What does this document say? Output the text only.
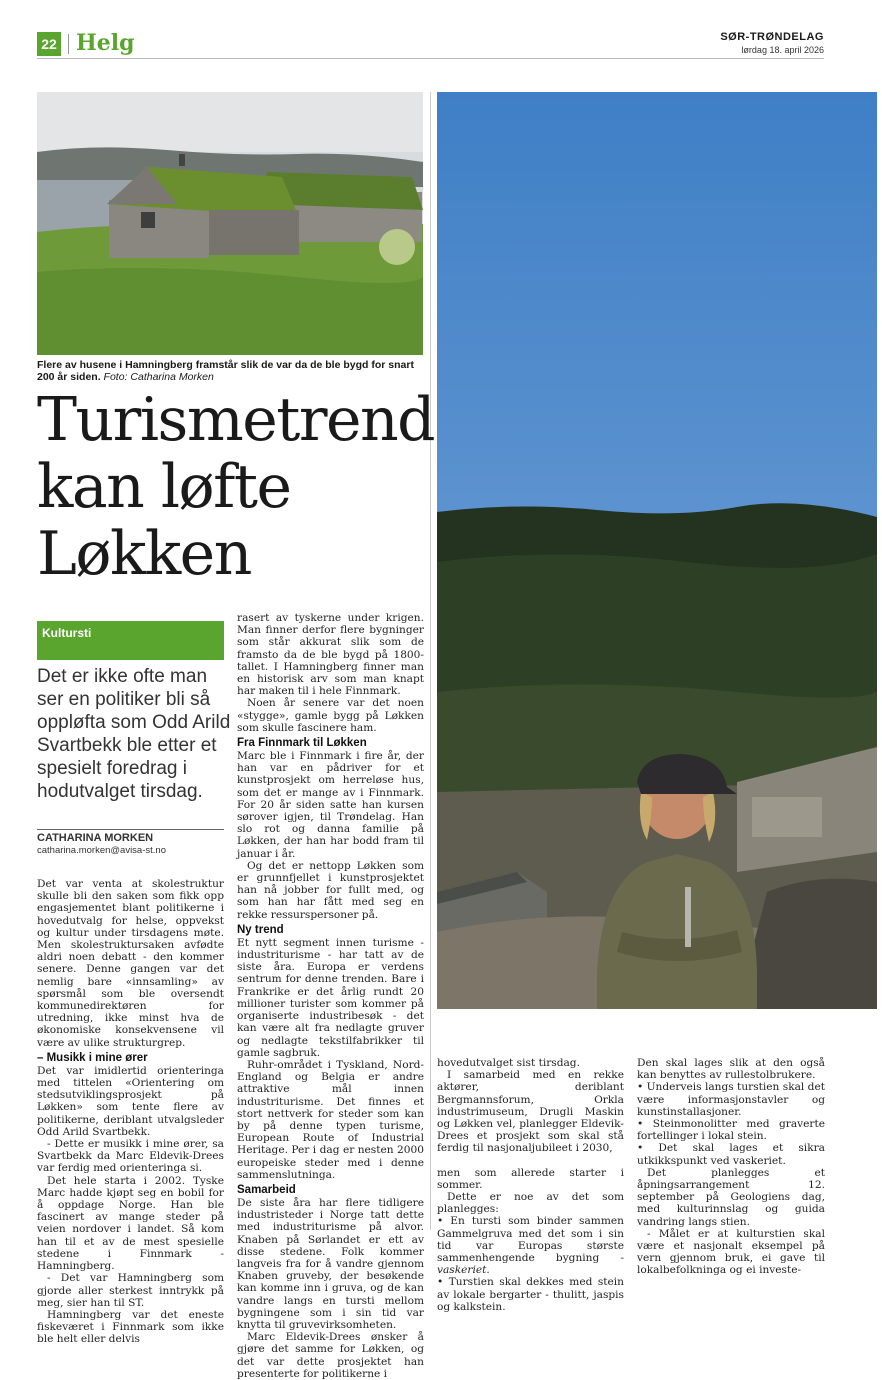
22 Helg	SØR-TRØNDELAG
lørdag 18. april 2026
Flere av husene i Hamningberg framstår slik de var da de ble bygd for snart 200 år siden. Foto: Catharina Morken
Turismetrend
kan løfte
Løkken
Kultursti
Det er ikke ofte man ser en politiker bli så oppløfta som Odd Arild Svartbekk ble etter et spesielt foredrag i hodutvalget tirsdag.
CATHARINA MORKEN
catharina.morken@avisa-st.no

Det var venta at skolestruktur skulle bli den saken som fikk opp engasjementet blant politikerne i hovedutvalg for helse, oppvekst og kultur under tirsdagens møte. Men skolestruktursaken avfødte aldri noen debatt - den kommer senere. Denne gangen var det nemlig bare «innsamling» av spørsmål som ble oversendt kommunedirektøren for utredning, ikke minst hva de økonomiske konsekvensene vil være av ulike strukturgrep.

– Musikk i mine ører

Det var imidlertid orienteringa med tittelen «Orientering om stedsutviklingsprosjekt på Løkken» som tente flere av politikerne, deriblant utvalgsleder Odd Arild Svartbekk.

- Dette er musikk i mine ører, sa Svartbekk da Marc Eldevik-Drees var ferdig med orienteringa si.

Det hele starta i 2002. Tyske Marc hadde kjøpt seg en bobil for å oppdage Norge. Han ble fascinert av mange steder på veien nordover i landet. Så kom han til et av de mest spesielle stedene i Finnmark - Hamningberg.

- Det var Hamningberg som gjorde aller sterkest inntrykk på meg, sier han til ST.

Hamningberg var det eneste fiskeværet i Finnmark som ikke ble helt eller delvis

rasert av tyskerne under krigen. Man finner derfor flere bygninger som står akkurat slik som de framsto da de ble bygd på 1800-tallet. I Hamningberg finner man en historisk arv som man knapt har maken til i hele Finnmark.

Noen år senere var det noen «stygge», gamle bygg på Løkken som skulle fascinere ham.

Fra Finnmark til Løkken

Marc ble i Finnmark i fire år, der han var en pådriver for et kunstprosjekt om herreløse hus, som det er mange av i Finnmark. For 20 år siden satte han kursen sørover igjen, til Trøndelag. Han slo rot og danna familie på Løkken, der han har bodd fram til januar i år.

Og det er nettopp Løkken som er grunnfjellet i kunstprosjektet han nå jobber for fullt med, og som han har fått med seg en rekke ressurspersoner på.

Ny trend

Et nytt segment innen turisme - industriturisme - har tatt av de siste åra. Europa er verdens sentrum for denne trenden. Bare i Frankrike er det årlig rundt 20 millioner turister som kommer på organiserte industribesøk - det kan være alt fra nedlagte gruver og nedlagte tekstilfabrikker til gamle sagbruk.

Ruhr-området i Tyskland, Nord-England og Belgia er andre attraktive mål innen industriturisme. Det finnes et stort nettverk for steder som kan by på denne typen turisme, European Route of Industrial Heritage. Per i dag er nesten 2000 europeiske steder med i denne sammenslutninga.

Samarbeid

De siste åra har flere tidligere industristeder i Norge tatt dette med industriturisme på alvor. Knaben på Sørlandet er ett av disse stedene. Folk kommer langveis fra for å vandre gjennom Knaben gruveby, der besøkende kan komme inn i gruva, og de kan vandre langs en tursti mellom bygningene som i sin tid var knytta til gruvevirksomheten.

Marc Eldevik-Drees ønsker å gjøre det samme for Løkken, og det var dette prosjektet han presenterte for politikerne i

hovedutvalget sist tirsdag.

I samarbeid med en rekke aktører, deriblant Bergmannsforum, Orkla industrimuseum, Drugli Maskin og Løkken vel, planlegger Eldevik-Drees et prosjekt som skal stå ferdig til nasjonaljubileet i 2030,

men som allerede starter i sommer.

Dette er noe av det som planlegges:

• En tursti som binder sammen Gammelgruva med det som i sin tid var Europas største sammenhengende bygning - vaskeriet.
• Turstien skal dekkes med stein av lokale bergarter - thulitt, jaspis og kalkstein.

Den skal lages slik at den også kan benyttes av rullestolbrukere.

• Underveis langs turstien skal det være informasjonstavler og kunstinstallasjoner.
• Steinmonolitter med graverte fortellinger i lokal stein.
• Det skal lages et sikra utkikkspunkt ved vaskeriet.

Det planlegges et åpningsarrangement 12. september på Geologiens dag, med kulturinnslag og guida vandring langs stien.

- Målet er at kulturstien skal være et nasjonalt eksempel på vern gjennom bruk, ei gave til lokalbefolkninga og ei investe-
